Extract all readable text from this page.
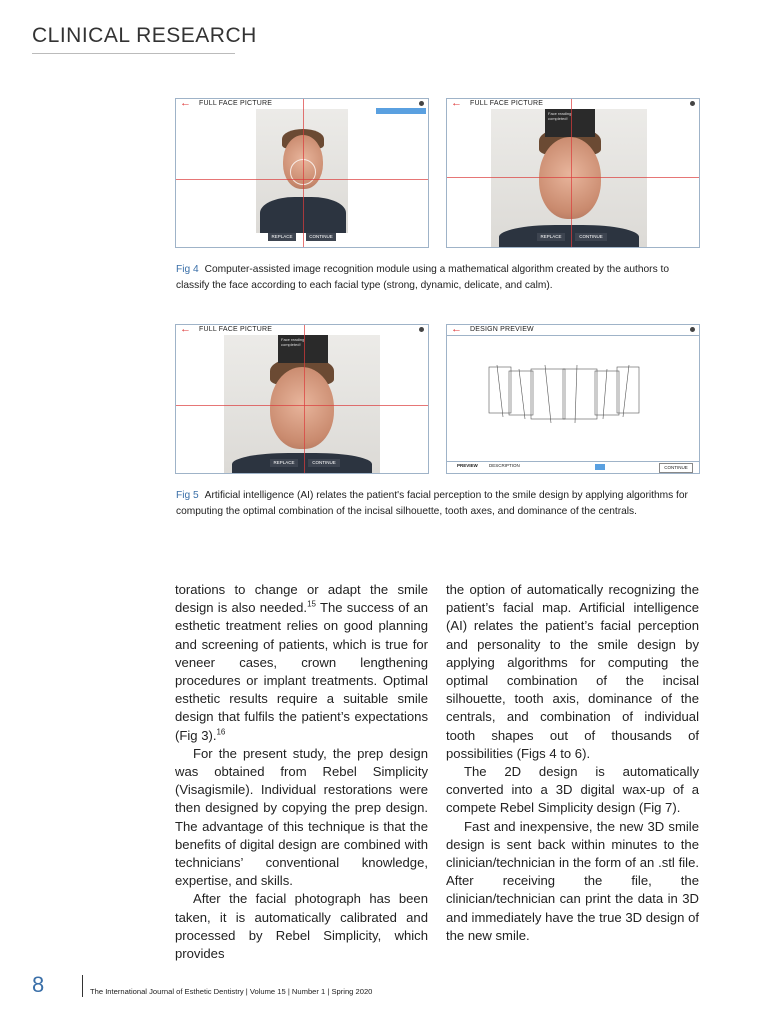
CLINICAL RESEARCH
← FULL FACE PICTURE
REPLACE	CONTINUE
← FULL FACE PICTURE
Face reading completed!
REPLACE	CONTINUE
Fig 4 Computer-assisted image recognition module using a mathematical algorithm created by the authors to classify the face according to each facial type (strong, dynamic, delicate, and calm).
← FULL FACE PICTURE
Face reading completed!
REPLACE	CONTINUE
← DESIGN PREVIEW
PREVIEW DESCRIPTION	CONTINUE
Fig 5 Artificial intelligence (AI) relates the patient's facial perception to the smile design by applying algorithms for computing the optimal combination of the incisal silhouette, tooth axes, and dominance of the centrals.

torations to change or adapt the smile design is also needed.$^{15}$ The success of an esthetic treatment relies on good planning and screening of patients, which is true for veneer cases, crown lengthening procedures or implant treatments. Optimal esthetic results require a suitable smile design that fulfils the patient’s expectations (Fig 3).$^{16}$

For the present study, the prep design was obtained from Rebel Simplicity (Visagismile). Individual restorations were then designed by copying the prep design. The advantage of this technique is that the benefits of digital design are combined with technicians’ conventional knowledge, expertise, and skills.

After the facial photograph has been taken, it is automatically calibrated and processed by Rebel Simplicity, which provides

the option of automatically recognizing the patient’s facial map. Artificial intelligence (AI) relates the patient’s facial perception and personality to the smile design by applying algorithms for computing the optimal combination of the incisal silhouette, tooth axis, dominance of the centrals, and combination of individual tooth shapes out of thousands of possibilities (Figs 4 to 6).

The 2D design is automatically converted into a 3D digital wax-up of a compete Rebel Simplicity design (Fig 7).

Fast and inexpensive, the new 3D smile design is sent back within minutes to the clinician/technician in the form of an .stl file. After receiving the file, the clinician/technician can print the data in 3D and immediately have the true 3D design of the new smile.

8	The International Journal of Esthetic Dentistry | Volume 15 | Number 1 | Spring 2020
